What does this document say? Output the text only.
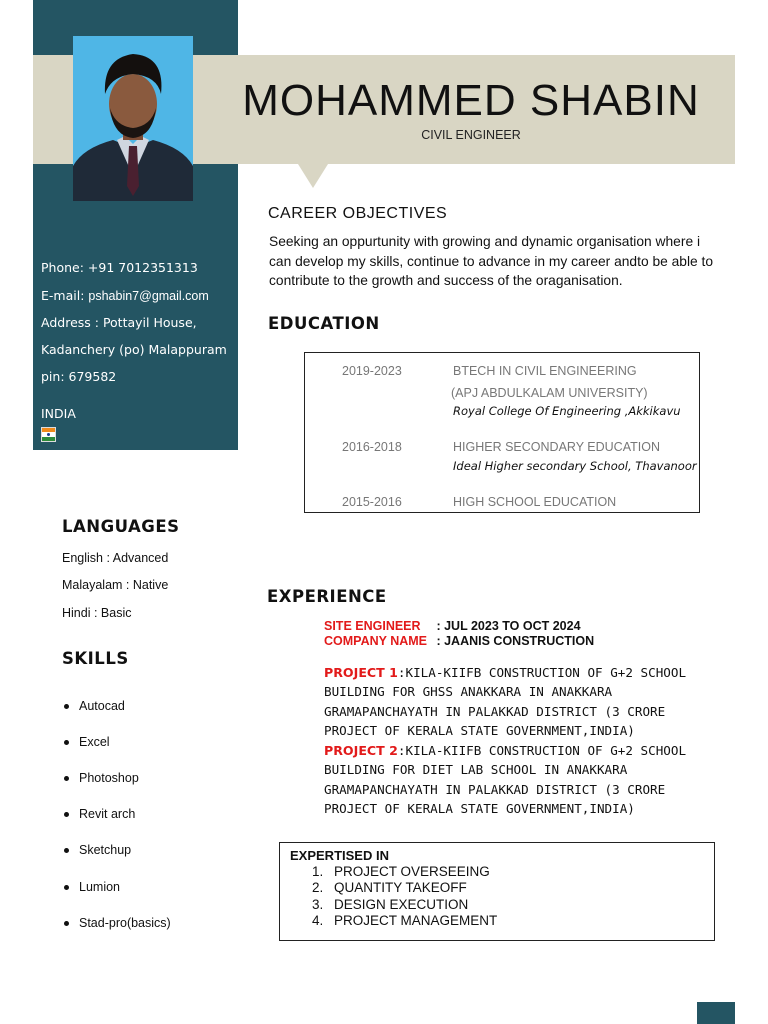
MOHAMMED SHABIN
CIVIL ENGINEER
Phone: +91 7012351313
E-mail: pshabin7@gmail.com
Address : Pottayil House,
Kadanchery (po) Malappuram
pin: 679582
INDIA
CAREER OBJECTIVES
Seeking an oppurtunity with growing and dynamic organisation where i can develop my skills, continue to advance in my career andto be able to contribute to the growth and success of the oraganisation.
EDUCATION
2019-2023	BTECH IN CIVIL ENGINEERING
(APJ ABDULKALAM UNIVERSITY)
Royal College Of Engineering ,Akkikavu
2016-2018	HIGHER SECONDARY EDUCATION
Ideal Higher secondary School, Thavanoor
2015-2016	HIGH SCHOOL EDUCATION
LANGUAGES
English : Advanced
Malayalam : Native
Hindi : Basic
SKILLS
Autocad
Excel
Photoshop
Revit arch
Sketchup
Lumion
Stad-pro(basics)
EXPERIENCE
SITE ENGINEER : JUL 2023 TO OCT 2024
COMPANY NAME : JAANIS CONSTRUCTION
PROJECT 1:KILA-KIIFB CONSTRUCTION OF G+2 SCHOOL BUILDING FOR GHSS ANAKKARA IN ANAKKARA GRAMAPANCHAYATH IN PALAKKAD DISTRICT (3 CRORE PROJECT OF KERALA STATE GOVERNMENT,INDIA)
PROJECT 2:KILA-KIIFB CONSTRUCTION OF G+2 SCHOOL BUILDING FOR DIET LAB SCHOOL IN ANAKKARA GRAMAPANCHAYATH IN PALAKKAD DISTRICT (3 CRORE PROJECT OF KERALA STATE GOVERNMENT,INDIA)
EXPERTISED IN
1. PROJECT OVERSEEING
2. QUANTITY TAKEOFF
3. DESIGN EXECUTION
4. PROJECT MANAGEMENT
